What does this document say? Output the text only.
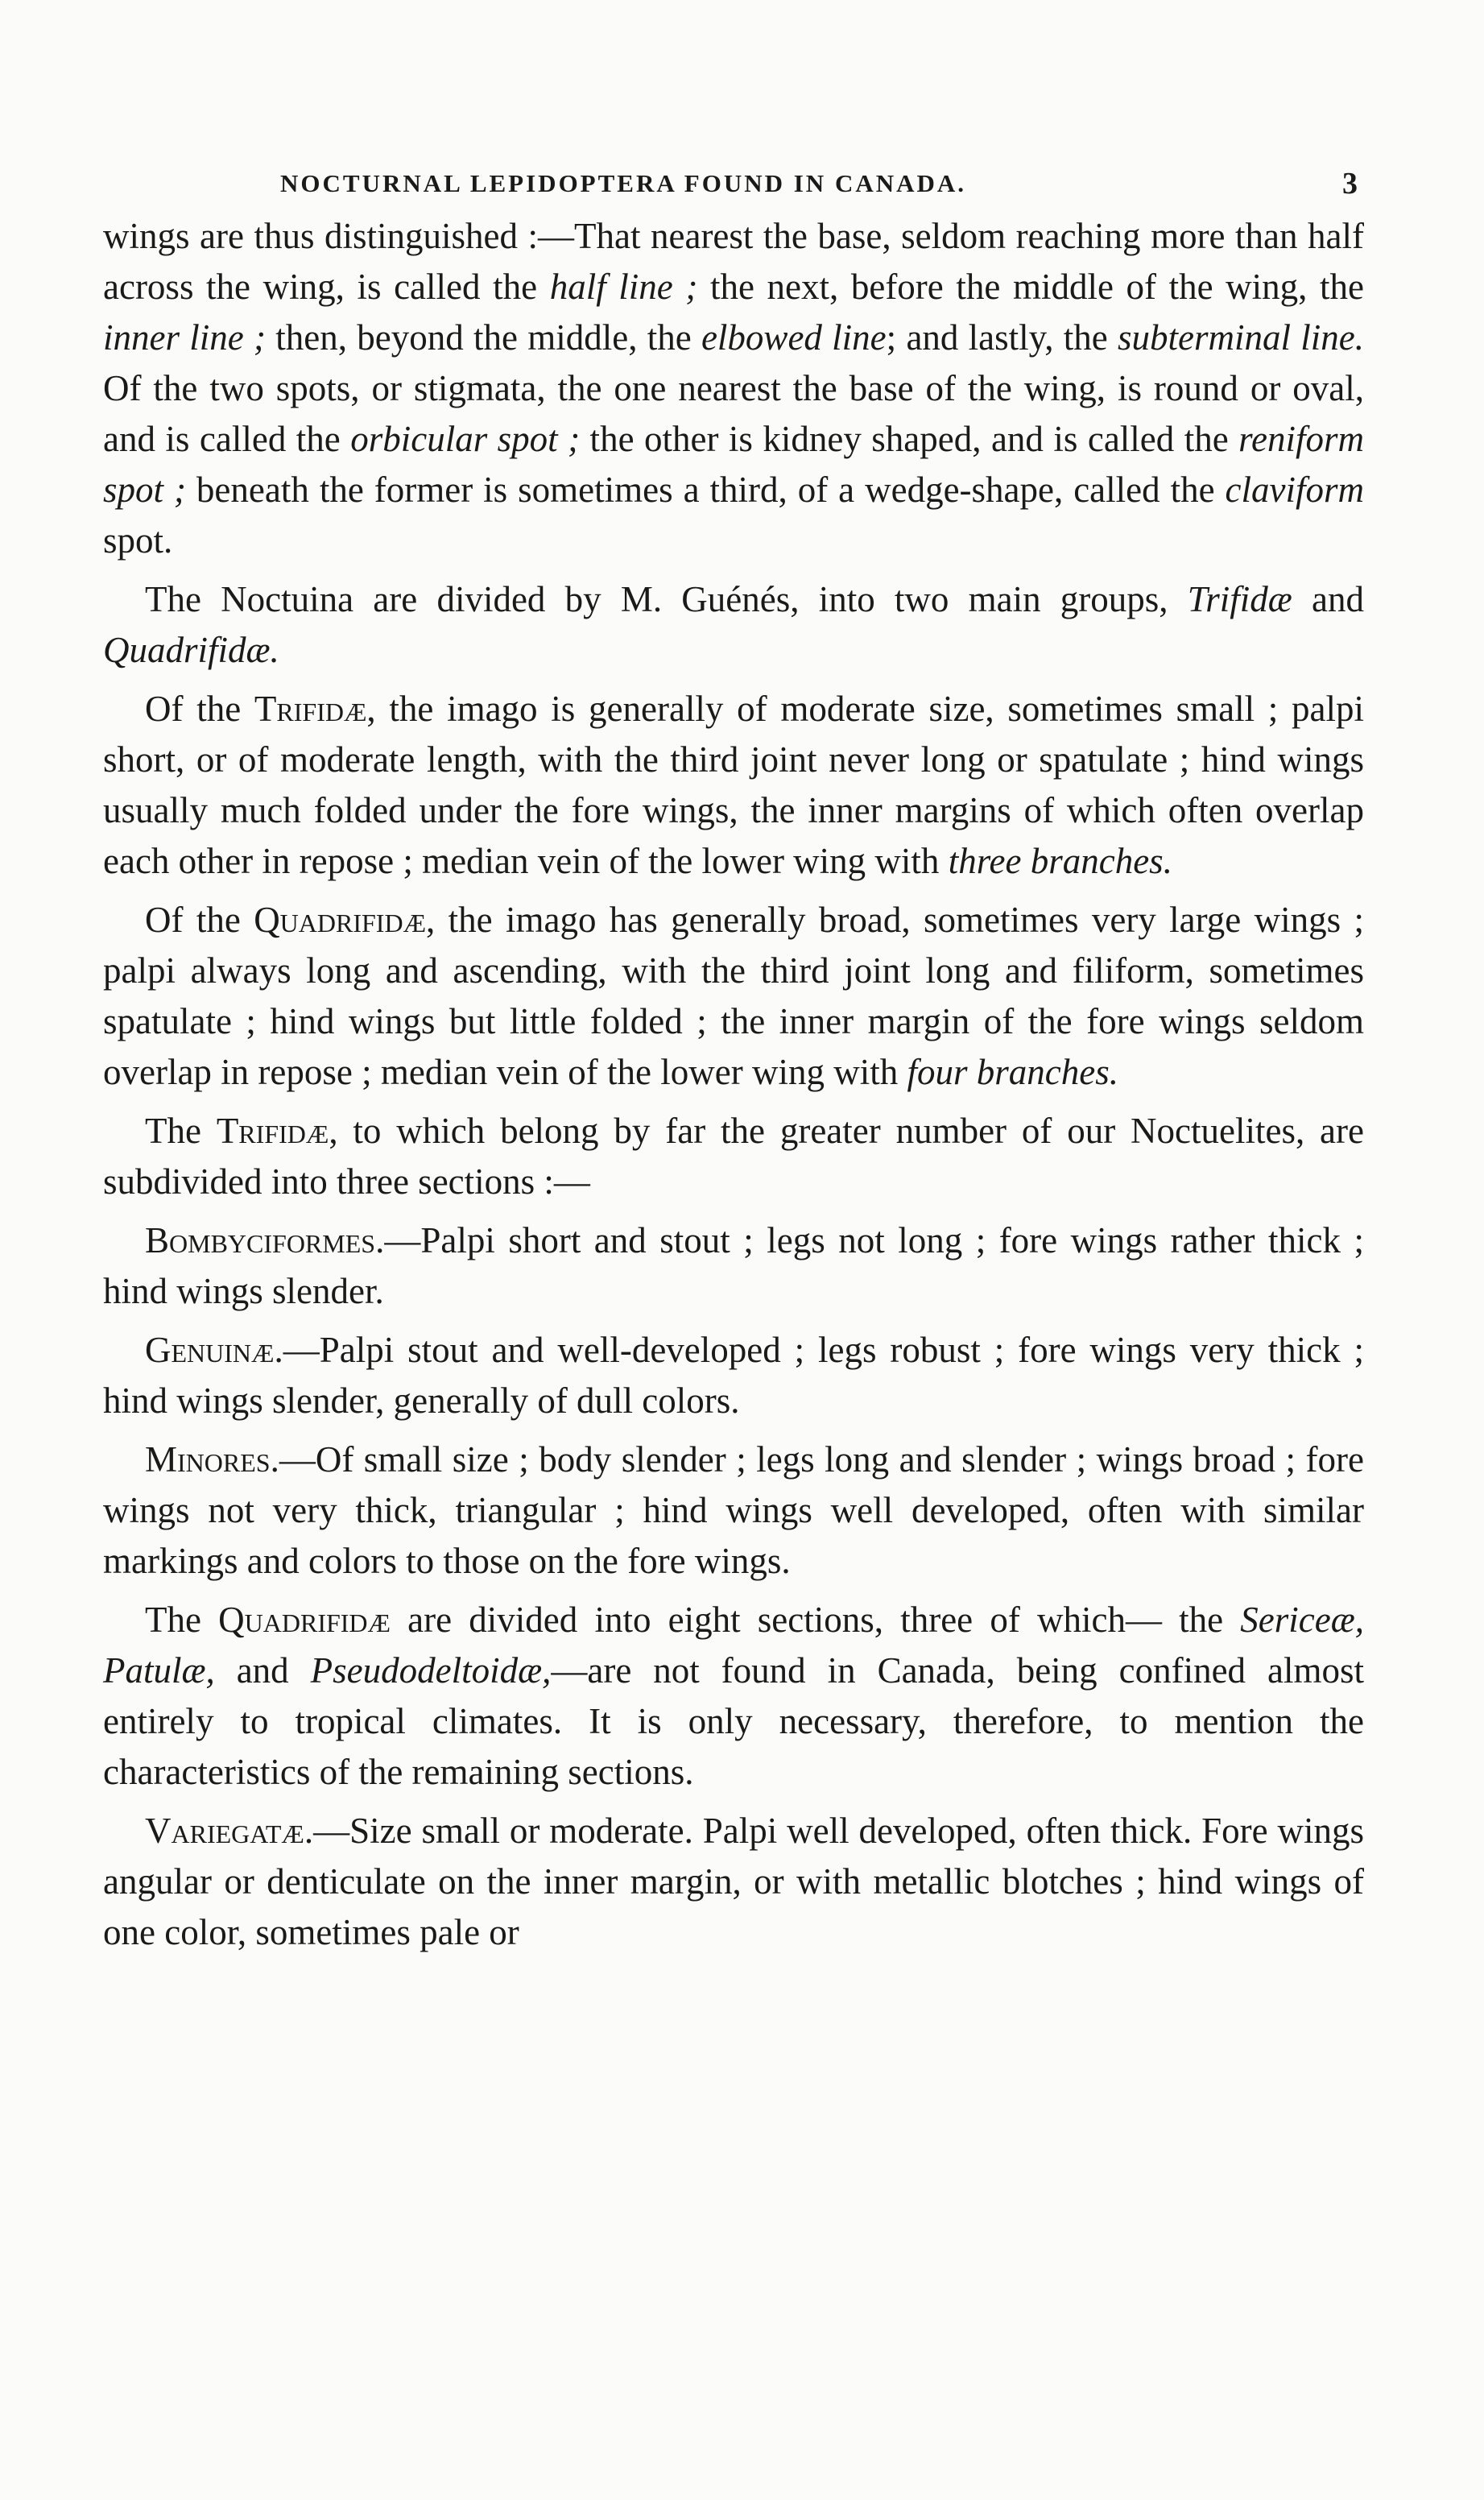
NOCTURNAL LEPIDOPTERA FOUND IN CANADA.	3

wings are thus distinguished :—That nearest the base, seldom reaching more than half across the wing, is called the half line ; the next, before the middle of the wing, the inner line ; then, beyond the middle, the elbowed line; and lastly, the subterminal line. Of the two spots, or stigmata, the one nearest the base of the wing, is round or oval, and is called the orbicular spot ; the other is kidney shaped, and is called the reniform spot ; beneath the former is sometimes a third, of a wedge-shape, called the claviform spot.

The Noctuina are divided by M. Guénés, into two main groups, Trifidæ and Quadrifidæ.

Of the Trifidæ, the imago is generally of moderate size, sometimes small ; palpi short, or of moderate length, with the third joint never long or spatulate ; hind wings usually much folded under the fore wings, the inner margins of which often overlap each other in repose ; median vein of the lower wing with three branches.

Of the Quadrifidæ, the imago has generally broad, sometimes very large wings ; palpi always long and ascending, with the third joint long and filiform, sometimes spatulate ; hind wings but little folded ; the inner margin of the fore wings seldom overlap in repose ; median vein of the lower wing with four branches.

The Trifidæ, to which belong by far the greater number of our Noctuelites, are subdivided into three sections :—

Bombyciformes.—Palpi short and stout ; legs not long ; fore wings rather thick ; hind wings slender.

Genuinæ.—Palpi stout and well-developed ; legs robust ; fore wings very thick ; hind wings slender, generally of dull colors.

Minores.—Of small size ; body slender ; legs long and slender ; wings broad ; fore wings not very thick, triangular ; hind wings well developed, often with similar markings and colors to those on the fore wings.

The Quadrifidæ are divided into eight sections, three of which— the Sericeæ, Patulæ, and Pseudodeltoidæ,—are not found in Canada, being confined almost entirely to tropical climates. It is only necessary, therefore, to mention the characteristics of the remaining sections.

Variegatæ.—Size small or moderate. Palpi well developed, often thick. Fore wings angular or denticulate on the inner margin, or with metallic blotches ; hind wings of one color, sometimes pale or
